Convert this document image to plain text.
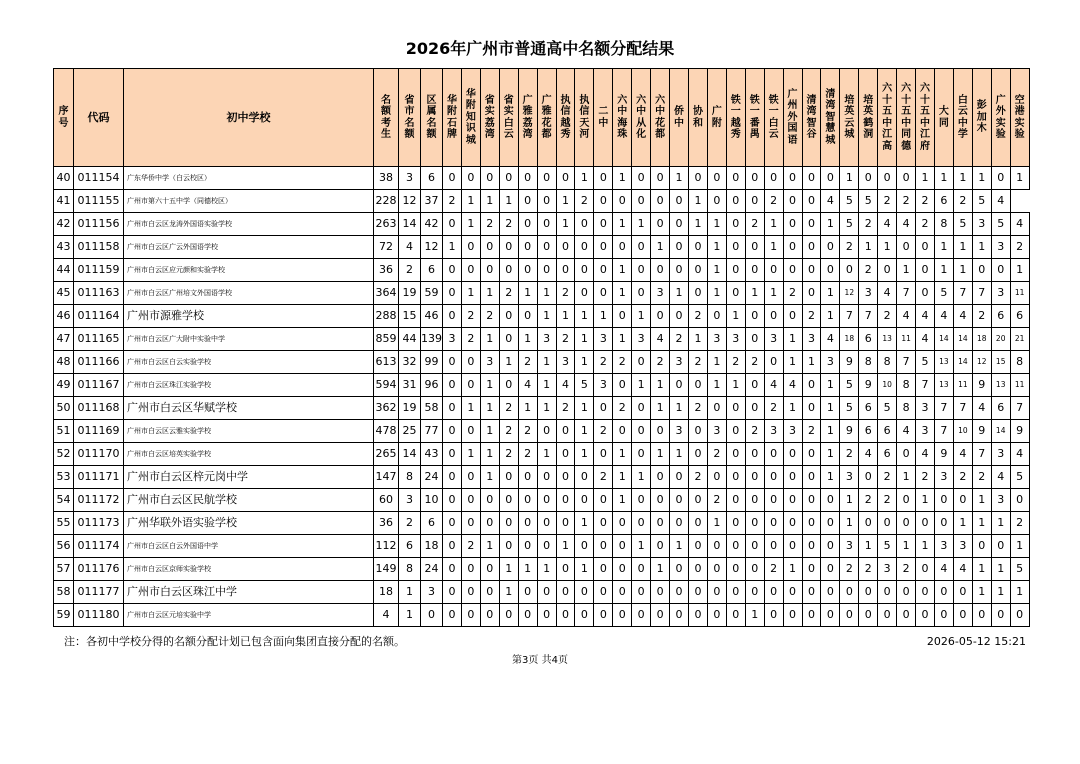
2026年广州市普通高中名额分配结果
序号	代码	初中学校	名额考生	省市名额	区属名额	华附石牌	华附知识城	省实荔湾	省实白云	广雅荔湾	广雅花都	执信越秀	执信天河	二中	六中海珠	六中从化	六中花都	侨中	协和	广附	铁一越秀	铁一番禺	铁一白云	广州外国语	清湾智谷	清湾智慧城	培英云城	培英鹤洞	六十五中江高	六十五中同德	六十五中江府	大同	白云中学	彭加木	广外实验	空港实验
40	011154	广东华侨中学（白云校区）	38	3	6	0	0	0	0	0	0	0	1	0	1	0	0	1	0	0	0	0	0	0	0	0	1	0	0	0	1	1	1	1	0	1
41	011155	广州市第六十五中学（同德校区）	228	12	37	2	1	1	1	0	0	1	2	0	0	0	0	0	1	0	0	0	2	0	0	4	5	5	2	2	2	6	2	5	4	
42	011156	广州市白云区龙涛外国语实验学校	263	14	42	0	1	2	2	0	0	1	0	0	1	1	0	0	1	1	0	2	1	0	0	1	5	2	4	4	2	8	5	3	5	4
43	011158	广州市白云区广云外国语学校	72	4	12	1	0	0	0	0	0	0	0	0	0	0	1	0	0	1	0	0	1	0	0	0	2	1	1	0	0	1	1	1	3	2
44	011159	广州市白云区应元颜和实验学校	36	2	6	0	0	0	0	0	0	0	0	0	1	0	0	0	0	1	0	0	0	0	0	0	0	2	0	1	0	1	1	0	0	1
45	011163	广州市白云区广州培文外国语学校	364	19	59	0	1	1	2	1	1	2	0	0	1	0	3	1	0	1	0	1	1	2	0	1	12	3	4	7	0	5	7	7	3	11
46	011164	广州市源雅学校	288	15	46	0	2	2	0	0	1	1	1	1	0	1	0	0	2	0	1	0	0	0	2	1	7	7	2	4	4	4	4	2	6	6
47	011165	广州市白云区广大附中实验中学	859	44	139	3	2	1	0	1	3	2	1	3	1	3	4	2	1	3	3	0	3	1	3	4	18	6	13	11	4	14	14	18	20	21
48	011166	广州市白云区白云实验学校	613	32	99	0	0	3	1	2	1	3	1	2	2	0	2	3	2	1	2	2	0	1	1	3	9	8	8	7	5	13	14	12	15	8
49	011167	广州市白云区珠江实验学校	594	31	96	0	0	1	0	4	1	4	5	3	0	1	1	0	0	1	1	0	4	4	0	1	5	9	10	8	7	13	11	9	13	11
50	011168	广州市白云区华赋学校	362	19	58	0	1	1	2	1	1	2	1	0	2	0	1	1	2	0	0	0	2	1	0	1	5	6	5	8	3	7	7	4	6	7
51	011169	广州市白云区云雅实验学校	478	25	77	0	0	1	2	2	0	0	1	2	0	0	0	3	0	3	0	2	3	3	2	1	9	6	6	4	3	7	10	9	14	9
52	011170	广州市白云区培英实验学校	265	14	43	0	1	1	2	2	1	0	1	0	1	0	1	1	0	2	0	0	0	0	0	1	2	4	6	0	4	9	4	7	3	4
53	011171	广州市白云区梓元岗中学	147	8	24	0	0	1	0	0	0	0	0	2	1	1	0	0	2	0	0	0	0	0	0	1	3	0	2	1	2	3	2	2	4	5
54	011172	广州市白云区民航学校	60	3	10	0	0	0	0	0	0	0	0	0	1	0	0	0	0	2	0	0	0	0	0	0	1	2	2	0	1	0	0	1	3	0
55	011173	广州华联外语实验学校	36	2	6	0	0	0	0	0	0	0	1	0	0	0	0	0	0	1	0	0	0	0	0	0	1	0	0	0	0	0	1	1	1	2
56	011174	广州市白云区白云外国语中学	112	6	18	0	2	1	0	0	0	1	0	0	0	1	0	1	0	0	0	0	0	0	0	0	3	1	5	1	1	3	3	0	0	1
57	011176	广州市白云区京师实验学校	149	8	24	0	0	0	1	1	1	0	1	0	0	0	1	0	0	0	0	0	2	1	0	0	2	2	3	2	0	4	4	1	1	5
58	011177	广州市白云区珠江中学	18	1	3	0	0	0	1	0	0	0	0	0	0	0	0	0	0	0	0	0	0	0	0	0	0	0	0	0	0	0	0	1	1	1
59	011180	广州市白云区元培实验中学	4	1	0	0	0	0	0	0	0	0	0	0	0	0	0	0	0	0	0	1	0	0	0	0	0	0	0	0	0	0	0	0	0	0
注：各初中学校分得的名额分配计划已包含面向集团直接分配的名额。	2026-05-12 15:21
第3页 共4页
